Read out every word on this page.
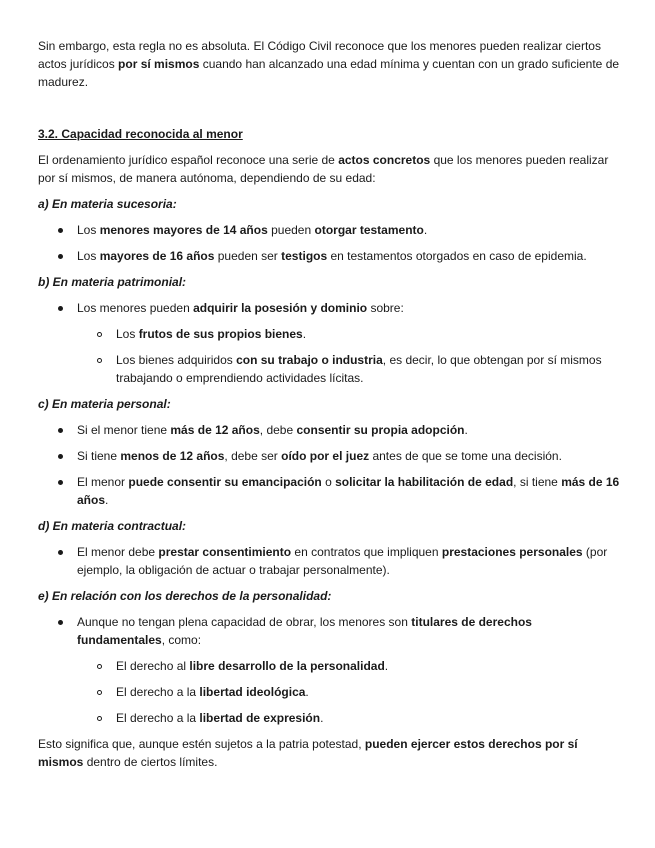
Sin embargo, esta regla no es absoluta. El Código Civil reconoce que los menores pueden realizar ciertos actos jurídicos por sí mismos cuando han alcanzado una edad mínima y cuentan con un grado suficiente de madurez.

3.2. Capacidad reconocida al menor

El ordenamiento jurídico español reconoce una serie de actos concretos que los menores pueden realizar por sí mismos, de manera autónoma, dependiendo de su edad:

a) En materia sucesoria:

Los menores mayores de 14 años pueden otorgar testamento.
Los mayores de 16 años pueden ser testigos en testamentos otorgados en caso de epidemia.

b) En materia patrimonial:

Los menores pueden adquirir la posesión y dominio sobre:
Los frutos de sus propios bienes.
Los bienes adquiridos con su trabajo o industria, es decir, lo que obtengan por sí mismos trabajando o emprendiendo actividades lícitas.

c) En materia personal:

Si el menor tiene más de 12 años, debe consentir su propia adopción.
Si tiene menos de 12 años, debe ser oído por el juez antes de que se tome una decisión.
El menor puede consentir su emancipación o solicitar la habilitación de edad, si tiene más de 16 años.

d) En materia contractual:

El menor debe prestar consentimiento en contratos que impliquen prestaciones personales (por ejemplo, la obligación de actuar o trabajar personalmente).

e) En relación con los derechos de la personalidad:

Aunque no tengan plena capacidad de obrar, los menores son titulares de derechos fundamentales, como:
El derecho al libre desarrollo de la personalidad.
El derecho a la libertad ideológica.
El derecho a la libertad de expresión.

Esto significa que, aunque estén sujetos a la patria potestad, pueden ejercer estos derechos por sí mismos dentro de ciertos límites.
